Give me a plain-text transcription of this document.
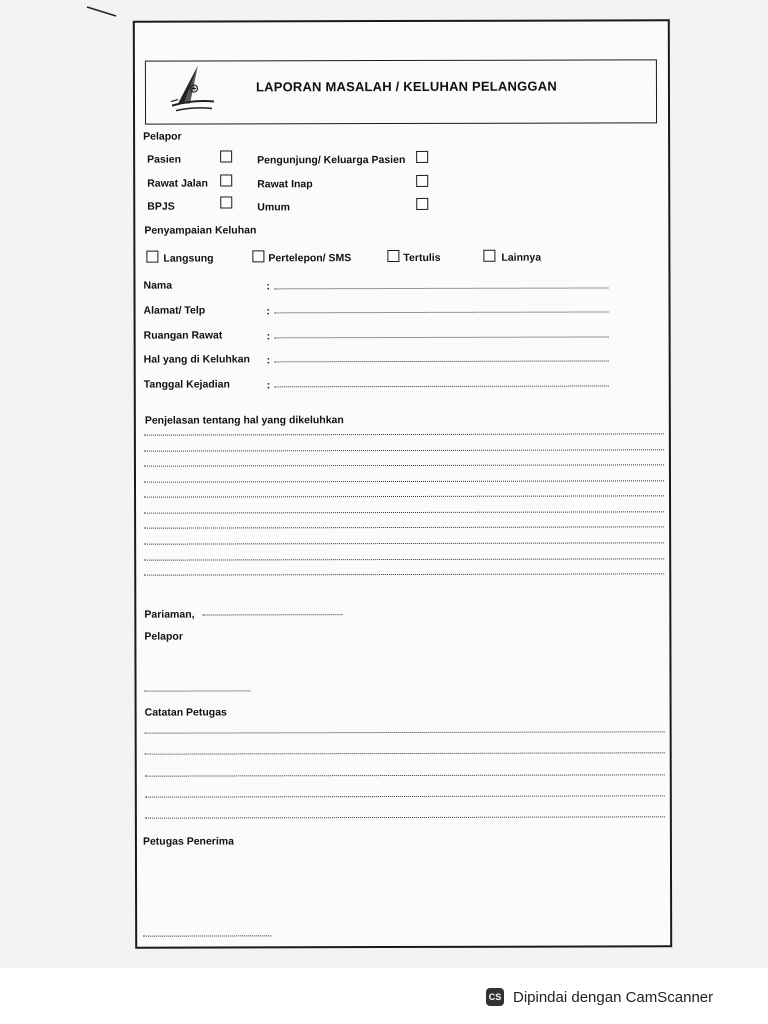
LAPORAN MASALAH / KELUHAN PELANGGAN
Pelapor
Pasien	Pengunjung/ Keluarga Pasien
Rawat Jalan	Rawat Inap
BPJS	Umum
Penyampaian Keluhan
Langsung	Pertelepon/ SMS	Tertulis	Lainnya
Nama	:
Alamat/ Telp	:
Ruangan Rawat	:
Hal yang di Keluhkan :
Tanggal Kejadian	:
Penjelasan tentang hal yang dikeluhkan
Pariaman,
Pelapor
Catatan Petugas
Petugas Penerima
CS Dipindai dengan CamScanner
